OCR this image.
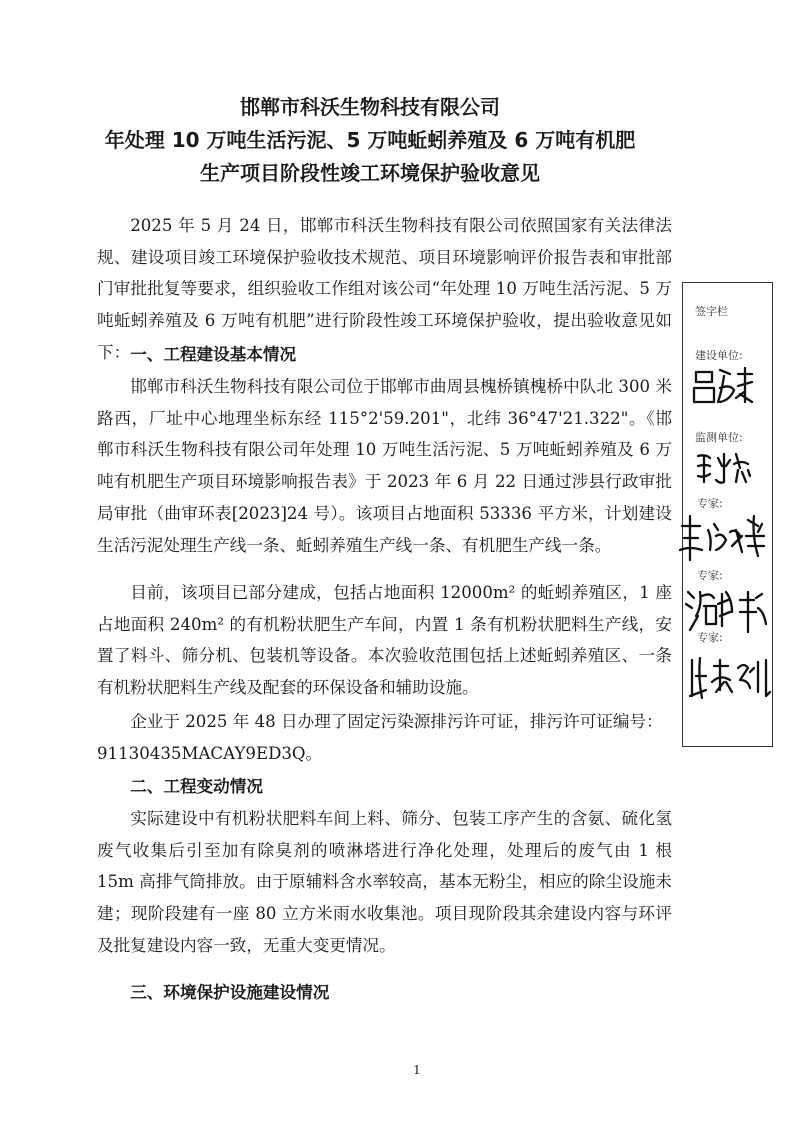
邯郸市科沃生物科技有限公司
年处理 10 万吨生活污泥、5 万吨蚯蚓养殖及 6 万吨有机肥
生产项目阶段性竣工环境保护验收意见

2025 年 5 月 24 日，邯郸市科沃生物科技有限公司依照国家有关法律法规、建设项目竣工环境保护验收技术规范、项目环境影响评价报告表和审批部门审批批复等要求，组织验收工作组对该公司“年处理 10 万吨生活污泥、5 万吨蚯蚓养殖及 6 万吨有机肥”进行阶段性竣工环境保护验收，提出验收意见如下： 一、工程建设基本情况

邯郸市科沃生物科技有限公司位于邯郸市曲周县槐桥镇槐桥中队北 300 米路西，厂址中心地理坐标东经 115°2'59.201"，北纬 36°47'21.322"。《邯郸市科沃生物科技有限公司年处理 10 万吨生活污泥、5 万吨蚯蚓养殖及 6 万吨有机肥生产项目环境影响报告表》于 2023 年 6 月 22 日通过涉县行政审批局审批（曲审环表[2023]24 号）。该项目占地面积 53336 平方米，计划建设生活污泥处理生产线一条、蚯蚓养殖生产线一条、有机肥生产线一条。

目前，该项目已部分建成，包括占地面积 12000m² 的蚯蚓养殖区，1 座占地面积 240m² 的有机粉状肥生产车间，内置 1 条有机粉状肥料生产线，安置了料斗、筛分机、包装机等设备。本次验收范围包括上述蚯蚓养殖区、一条有机粉状肥料生产线及配套的环保设备和辅助设施。

企业于 2025 年 48 日办理了固定污染源排污许可证，排污许可证编号：

91130435MACAY9ED3Q。

二、工程变动情况

实际建设中有机粉状肥料车间上料、筛分、包装工序产生的含氨、硫化氢废气收集后引至加有除臭剂的喷淋塔进行净化处理，处理后的废气由 1 根 15m 高排气筒排放。由于原辅料含水率较高，基本无粉尘，相应的除尘设施未建；现阶段建有一座 80 立方米雨水收集池。项目现阶段其余建设内容与环评及批复建设内容一致，无重大变更情况。

三、环境保护设施建设情况

签字栏
建设单位:
监测单位:
专家:
专家:
专家:
1
